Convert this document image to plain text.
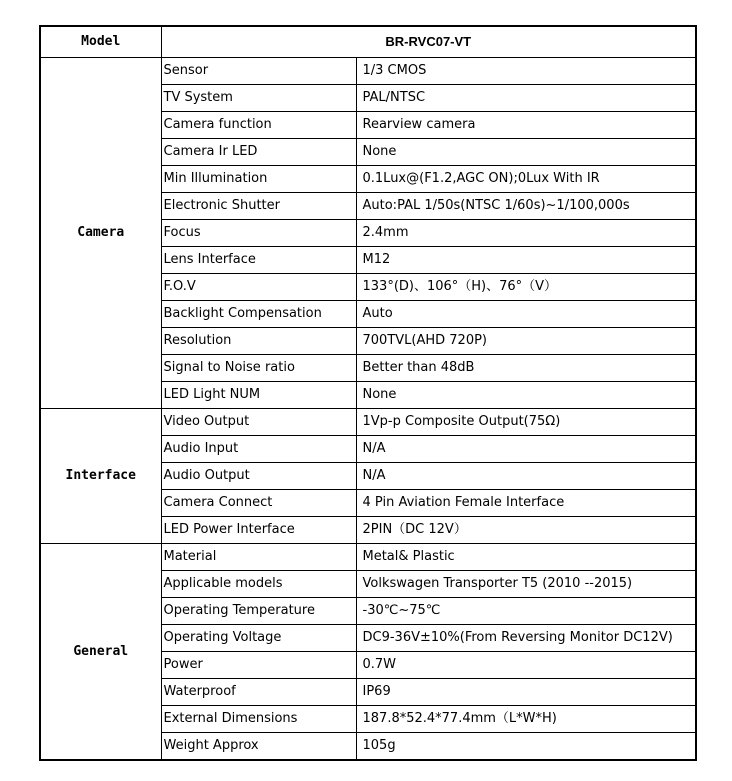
Model	BR-RVC07-VT	
Camera	Sensor	1/3 CMOS
	TV System	PAL/NTSC
	Camera function	Rearview camera
	Camera Ir LED	None
	Min Illumination	0.1Lux@(F1.2,AGC ON);0Lux With IR
	Electronic Shutter	Auto:PAL 1/50s(NTSC 1/60s)~1/100,000s
	Focus	2.4mm
	Lens Interface	M12
	F.O.V	133°(D)、106°（H)、76°（V）
	Backlight Compensation	Auto
	Resolution	700TVL(AHD 720P)
	Signal to Noise ratio	Better than 48dB
	LED Light NUM	None
Interface	Video Output	1Vp-p Composite Output(75Ω)
	Audio Input	N/A
	Audio Output	N/A
	Camera Connect	4 Pin Aviation Female Interface
	LED Power Interface	2PIN（DC 12V）
General	Material	Metal& Plastic
	Applicable models	Volkswagen Transporter T5 (2010 --2015)
	Operating Temperature	-30℃~75℃
	Operating Voltage	DC9-36V±10%(From Reversing Monitor DC12V)
	Power	0.7W
	Waterproof	IP69
	External Dimensions	187.8*52.4*77.4mm（L*W*H)
	Weight Approx	105g
